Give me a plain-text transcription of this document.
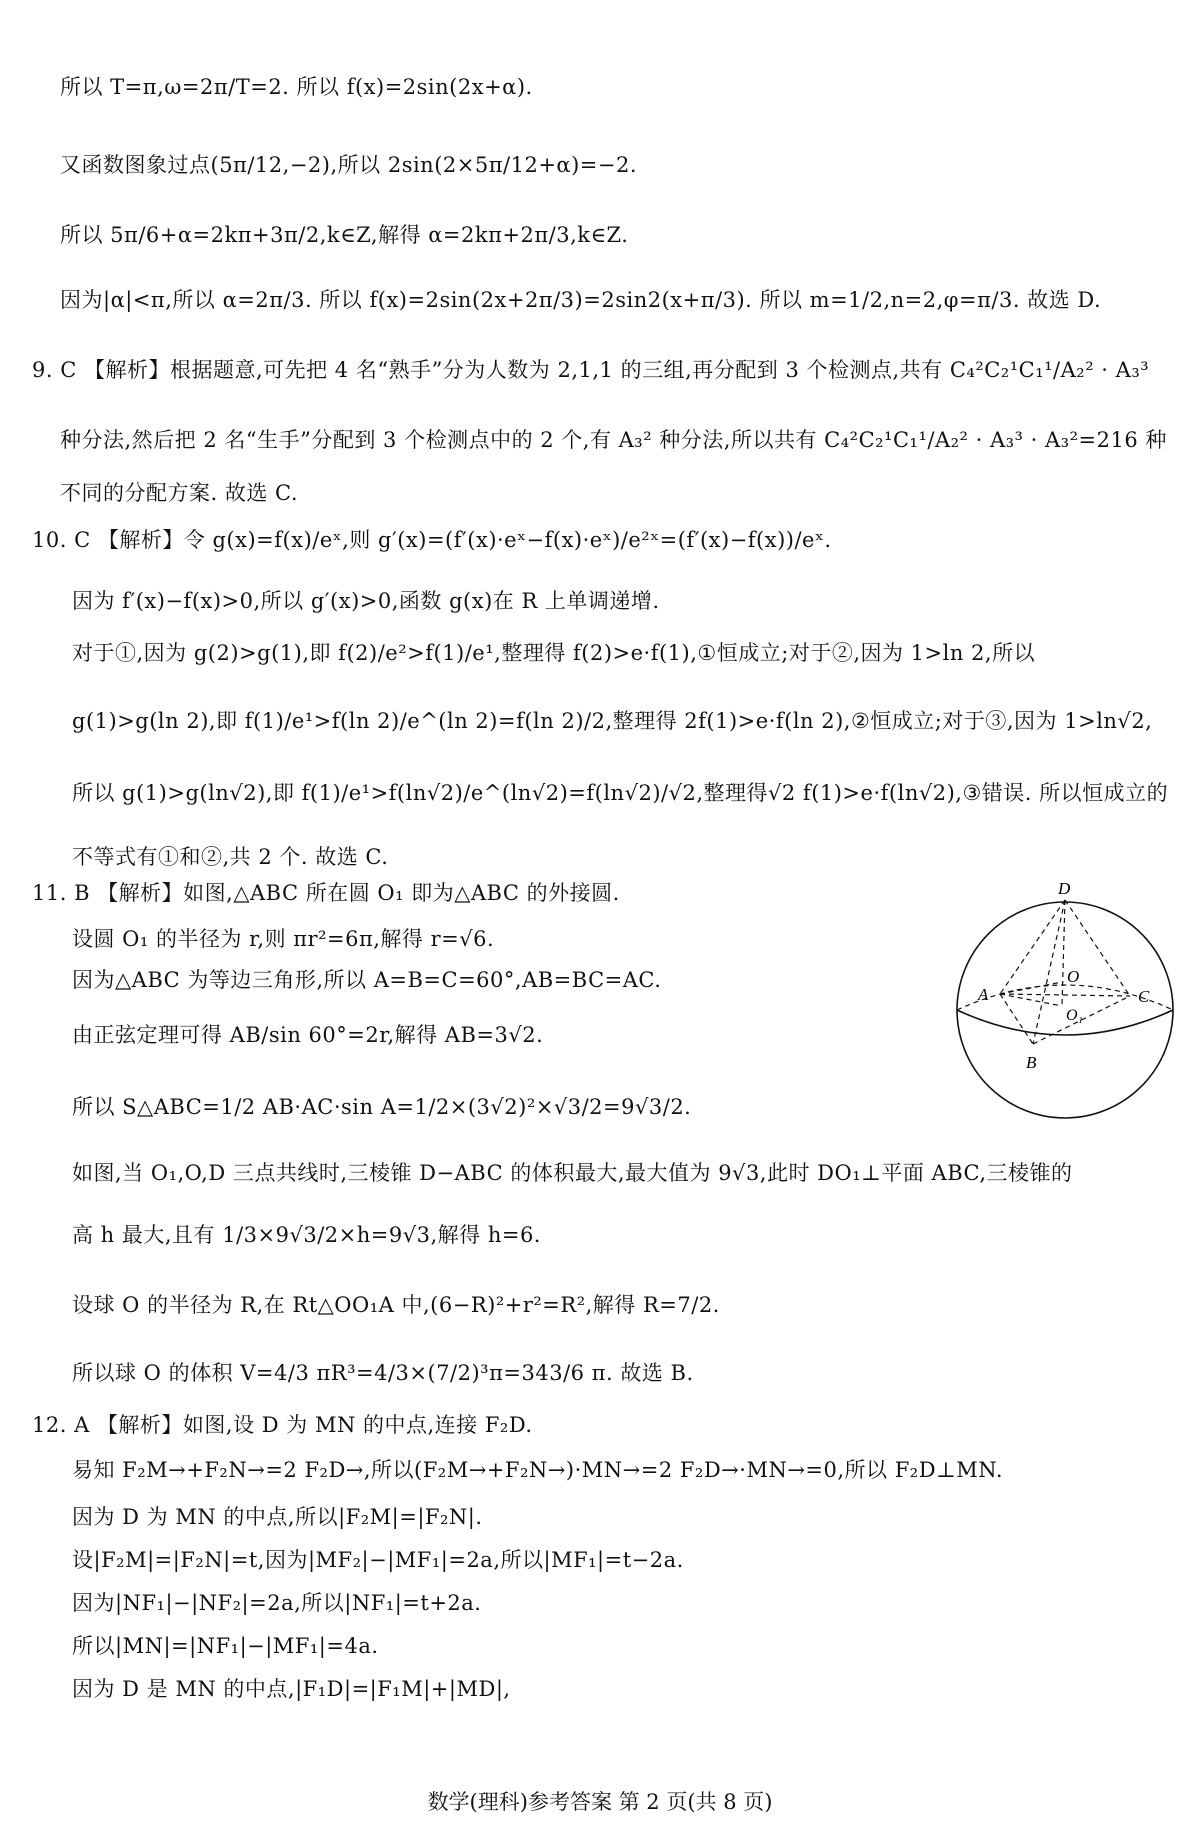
所以 T=π,ω=2π/T=2. 所以 f(x)=2sin(2x+α).
又函数图象过点(5π/12,−2),所以 2sin(2×5π/12+α)=−2.
所以 5π/6+α=2kπ+3π/2,k∈Z,解得 α=2kπ+2π/3,k∈Z.
因为|α|<π,所以 α=2π/3. 所以 f(x)=2sin(2x+2π/3)=2sin2(x+π/3). 所以 m=1/2,n=2,φ=π/3. 故选 D.
9. C 【解析】根据题意,可先把 4 名“熟手”分为人数为 2,1,1 的三组,再分配到 3 个检测点,共有 C₄²C₂¹C₁¹/A₂² · A₃³
种分法,然后把 2 名“生手”分配到 3 个检测点中的 2 个,有 A₃² 种分法,所以共有 C₄²C₂¹C₁¹/A₂² · A₃³ · A₃²=216 种
不同的分配方案. 故选 C.
10. C 【解析】令 g(x)=f(x)/eˣ,则 g′(x)=(f′(x)·eˣ−f(x)·eˣ)/e²ˣ=(f′(x)−f(x))/eˣ.
因为 f′(x)−f(x)>0,所以 g′(x)>0,函数 g(x)在 R 上单调递增.
对于①,因为 g(2)>g(1),即 f(2)/e²>f(1)/e¹,整理得 f(2)>e·f(1),①恒成立;对于②,因为 1>ln 2,所以
g(1)>g(ln 2),即 f(1)/e¹>f(ln 2)/e^(ln 2)=f(ln 2)/2,整理得 2f(1)>e·f(ln 2),②恒成立;对于③,因为 1>ln√2,
所以 g(1)>g(ln√2),即 f(1)/e¹>f(ln√2)/e^(ln√2)=f(ln√2)/√2,整理得√2 f(1)>e·f(ln√2),③错误. 所以恒成立的
不等式有①和②,共 2 个. 故选 C.
11. B 【解析】如图,△ABC 所在圆 O₁ 即为△ABC 的外接圆.
设圆 O₁ 的半径为 r,则 πr²=6π,解得 r=√6.
因为△ABC 为等边三角形,所以 A=B=C=60°,AB=BC=AC.
由正弦定理可得 AB/sin 60°=2r,解得 AB=3√2.
所以 S△ABC=1/2 AB·AC·sin A=1/2×(3√2)²×√3/2=9√3/2.
如图,当 O₁,O,D 三点共线时,三棱锥 D−ABC 的体积最大,最大值为 9√3,此时 DO₁⊥平面 ABC,三棱锥的
高 h 最大,且有 1/3×9√3/2×h=9√3,解得 h=6.
设球 O 的半径为 R,在 Rt△OO₁A 中,(6−R)²+r²=R²,解得 R=7/2.
所以球 O 的体积 V=4/3 πR³=4/3×(7/2)³π=343/6 π. 故选 B.
12. A 【解析】如图,设 D 为 MN 的中点,连接 F₂D.
易知 F₂M→+F₂N→=2 F₂D→,所以(F₂M→+F₂N→)·MN→=2 F₂D→·MN→=0,所以 F₂D⊥MN.
因为 D 为 MN 的中点,所以|F₂M|=|F₂N|.
设|F₂M|=|F₂N|=t,因为|MF₂|−|MF₁|=2a,所以|MF₁|=t−2a.
因为|NF₁|−|NF₂|=2a,所以|NF₁|=t+2a.
所以|MN|=|NF₁|−|MF₁|=4a.
因为 D 是 MN 的中点,|F₁D|=|F₁M|+|MD|,
D
O
A	C
O₁
B
数学(理科)参考答案 第 2 页(共 8 页)
